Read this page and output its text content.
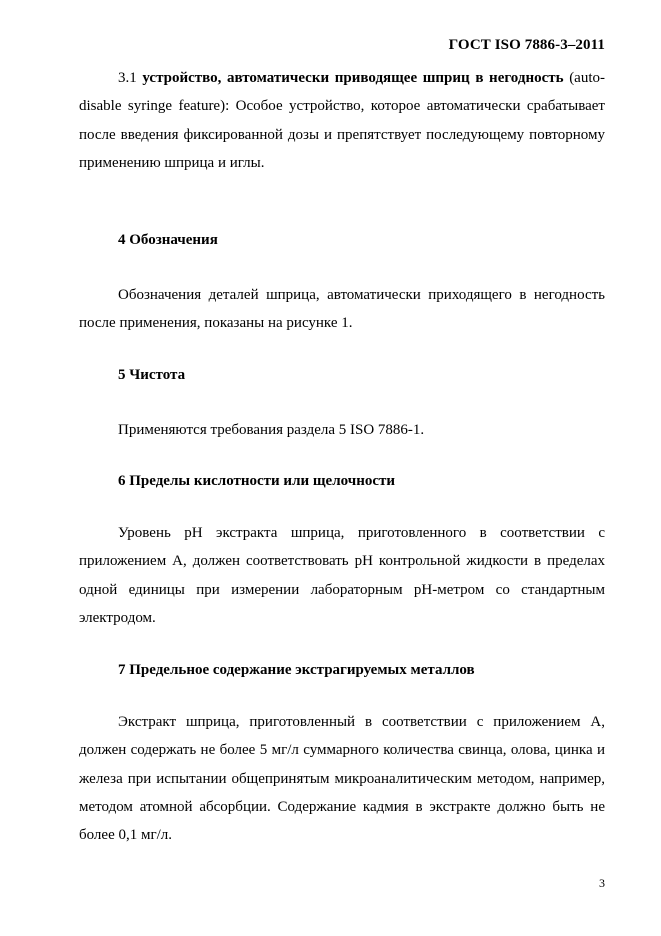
ГОСТ ISO 7886-3–2011

3.1 устройство, автоматически приводящее шприц в негодность (auto-disable syringe feature): Особое устройство, которое автоматически срабатывает после введения фиксированной дозы и препятствует последующему повторному применению шприца и иглы.

4 Обозначения

Обозначения деталей шприца, автоматически приходящего в негодность после применения, показаны на рисунке 1.

5 Чистота

Применяются требования раздела 5 ISO 7886-1.

6 Пределы кислотности или щелочности

Уровень pH экстракта шприца, приготовленного в соответствии с приложением А, должен соответствовать pH контрольной жидкости в пределах одной единицы при измерении лабораторным pH-метром со стандартным электродом.

7 Предельное содержание экстрагируемых металлов

Экстракт шприца, приготовленный в соответствии с приложением А, должен содержать не более 5 мг/л суммарного количества свинца, олова, цинка и железа при испытании общепринятым микроаналитическим методом, например, методом атомной абсорбции. Содержание кадмия в экстракте должно быть не более 0,1 мг/л.

3
